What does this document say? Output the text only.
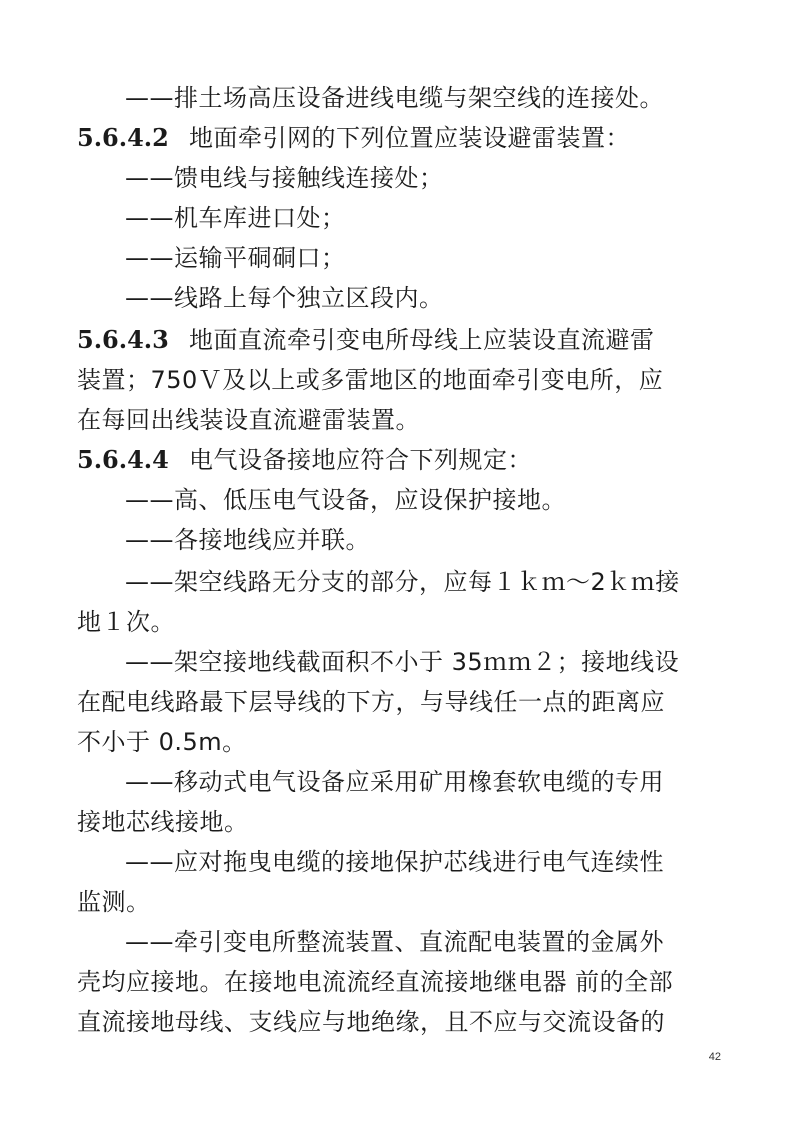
——排土场高压设备进线电缆与架空线的连接处。
5.6.4.2 地面牵引网的下列位置应装设避雷装置：
——馈电线与接触线连接处；
——机车库进口处；
——运输平硐硐口；
——线路上每个独立区段内。
5.6.4.3 地面直流牵引变电所母线上应装设直流避雷
装置；750Ｖ及以上或多雷地区的地面牵引变电所，应
在每回出线装设直流避雷装置。
5.6.4.4 电气设备接地应符合下列规定：
——高、低压电气设备，应设保护接地。
——各接地线应并联。
——架空线路无分支的部分，应每１ｋｍ～2ｋｍ接
地１次。
——架空接地线截面积不小于 35ｍｍ２；接地线设
在配电线路最下层导线的下方，与导线任一点的距离应
不小于 0.5m。
——移动式电气设备应采用矿用橡套软电缆的专用
接地芯线接地。
——应对拖曳电缆的接地保护芯线进行电气连续性
监测。
——牵引变电所整流装置、直流配电装置的金属外
壳均应接地。在接地电流流经直流接地继电器 前的全部
直流接地母线、支线应与地绝缘，且不应与交流设备的
42
